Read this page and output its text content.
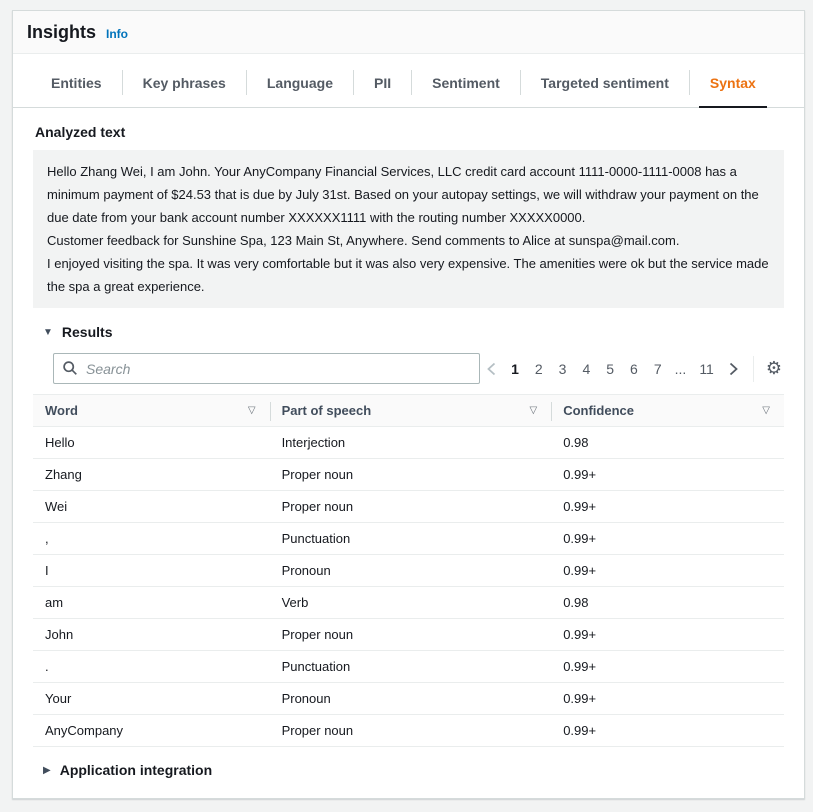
Insights Info
Entities	Key phrases	Language	PII	Sentiment	Targeted sentiment	Syntax
Analyzed text

Hello Zhang Wei, I am John. Your AnyCompany Financial Services, LLC credit card account 1111-0000-1111-0008 has a minimum payment of $24.53 that is due by July 31st. Based on your autopay settings, we will withdraw your payment on the due date from your bank account number XXXXXX1111 with the routing number XXXXX0000.

Customer feedback for Sunshine Spa, 123 Main St, Anywhere. Send comments to Alice at sunspa@mail.com.

I enjoyed visiting the spa. It was very comfortable but it was also very expensive. The amenities were ok but the service made the spa a great experience.

▼ Results
Search
1	2	3	4	5	6	7 ... 11	⚙
Word	▽ Part of speech	▽ Confidence	▽
Hello	Interjection	0.98
Zhang	Proper noun	0.99+
Wei	Proper noun	0.99+
,	Punctuation	0.99+
I	Pronoun	0.99+
am	Verb	0.98
John	Proper noun	0.99+
.	Punctuation	0.99+
Your	Pronoun	0.99+
AnyCompany	Proper noun	0.99+
▶ Application integration
